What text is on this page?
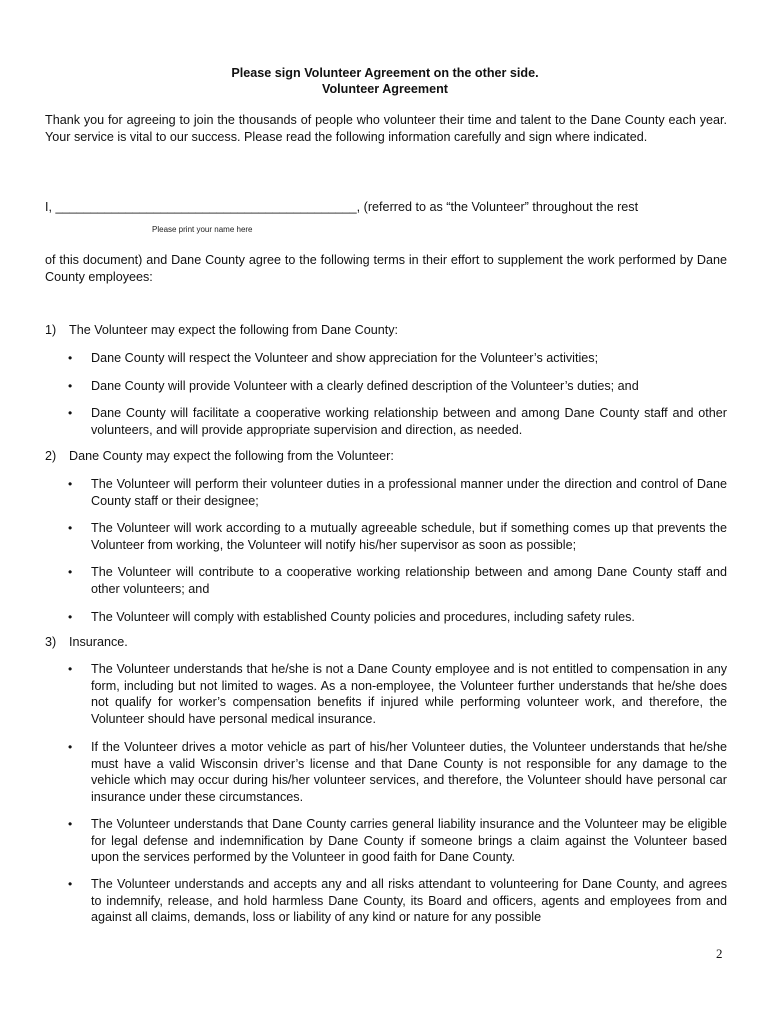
Please sign Volunteer Agreement on the other side.
Volunteer Agreement
Thank you for agreeing to join the thousands of people who volunteer their time and talent to the Dane County each year. Your service is vital to our success. Please read the following information carefully and sign where indicated.
I, ___________________________________________, (referred to as “the Volunteer” throughout the rest
Please print your name here
of this document) and Dane County agree to the following terms in their effort to supplement the work performed by Dane County employees:
1) The Volunteer may expect the following from Dane County:
•	Dane County will respect the Volunteer and show appreciation for the Volunteer’s activities;
•	Dane County will provide Volunteer with a clearly defined description of the Volunteer’s duties; and
•	Dane County will facilitate a cooperative working relationship between and among Dane County staff and other volunteers, and will provide appropriate supervision and direction, as needed.
2) Dane County may expect the following from the Volunteer:
•	The Volunteer will perform their volunteer duties in a professional manner under the direction and control of Dane County staff or their designee;
•	The Volunteer will work according to a mutually agreeable schedule, but if something comes up that prevents the Volunteer from working, the Volunteer will notify his/her supervisor as soon as possible;
•	The Volunteer will contribute to a cooperative working relationship between and among Dane County staff and other volunteers; and
•	The Volunteer will comply with established County policies and procedures, including safety rules.
3) Insurance.
•	The Volunteer understands that he/she is not a Dane County employee and is not entitled to compensation in any form, including but not limited to wages. As a non-employee, the Volunteer further understands that he/she does not qualify for worker’s compensation benefits if injured while performing volunteer work, and therefore, the Volunteer should have personal medical insurance.
•	If the Volunteer drives a motor vehicle as part of his/her Volunteer duties, the Volunteer understands that he/she must have a valid Wisconsin driver’s license and that Dane County is not responsible for any damage to the vehicle which may occur during his/her volunteer services, and therefore, the Volunteer should have personal car insurance under these circumstances.
•	The Volunteer understands that Dane County carries general liability insurance and the Volunteer may be eligible for legal defense and indemnification by Dane County if someone brings a claim against the Volunteer based upon the services performed by the Volunteer in good faith for Dane County.
•	The Volunteer understands and accepts any and all risks attendant to volunteering for Dane County, and agrees to indemnify, release, and hold harmless Dane County, its Board and officers, agents and employees from and against all claims, demands, loss or liability of any kind or nature for any possible
2
